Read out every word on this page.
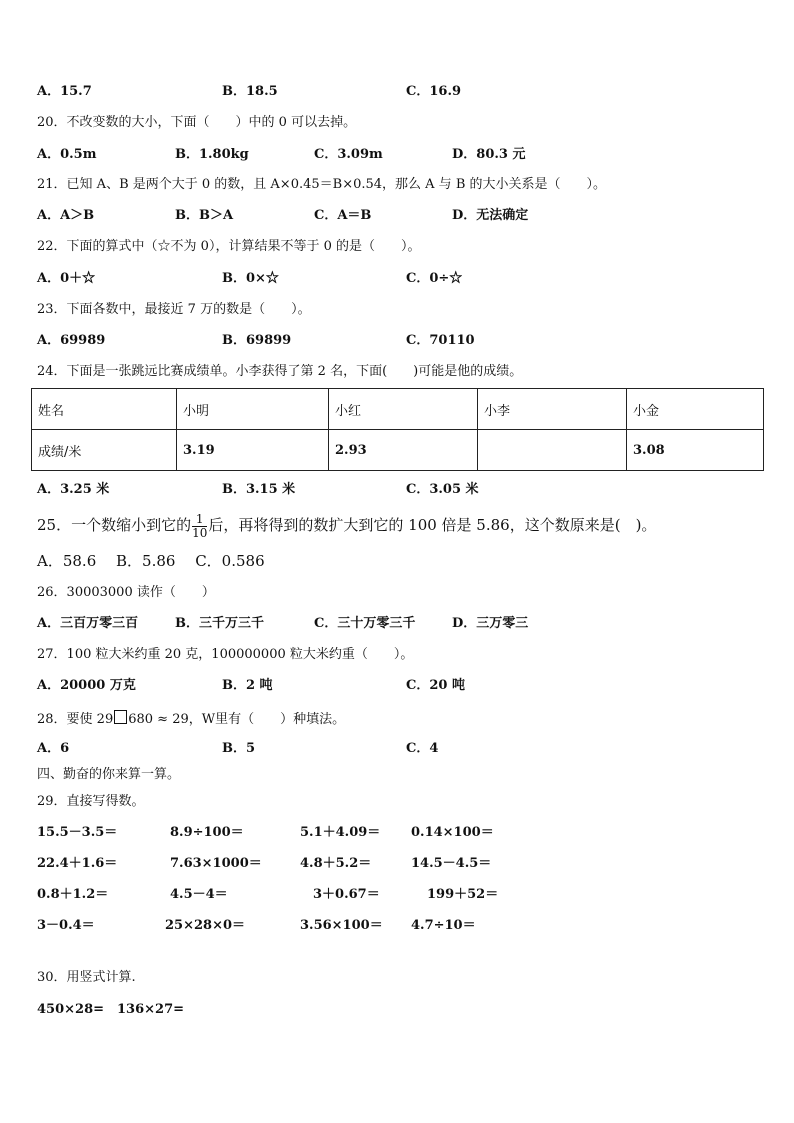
A．15.7	B．18.5	C．16.9
20．不改变数的大小，下面（　　）中的 0 可以去掉。
A．0.5m	B．1.80kg	C．3.09m	D．80.3 元
21．已知 A、B 是两个大于 0 的数，且 A×0.45＝B×0.54，那么 A 与 B 的大小关系是（　　）。
A．A＞B	B．B＞A	C．A＝B	D．无法确定
22．下面的算式中（☆不为 0），计算结果不等于 0 的是（　　）。
A．0＋☆	B．0×☆	C．0÷☆
23．下面各数中，最接近 7 万的数是（　　）。
A．69989	B．69899	C．70110
24．下面是一张跳远比赛成绩单。小李获得了第 2 名，下面(　　)可能是他的成绩。
姓名	小明	小红	小李	小金
成绩/米	3.19	2.93		3.08
A．3.25 米	B．3.15 米	C．3.05 米
25．一个数缩小到它的 $\frac{1}{10}$ 后，再将得到的数扩大到它的 100 倍是 5.86，这个数原来是(　)。
A．58.6　 B．5.86　 C．0.586
26．30003000 读作（　　）
A．三百万零三百	B．三千万三千	C．三十万零三千	D．三万零三
27．100 粒大米约重 20 克，100000000 粒大米约重（　　）。
A．20000 万克	B．2 吨	C．20 吨
28．要使 29 680 ≈ 29，W里有（　　）种填法。
A．6	B．5	C．4
四、勤奋的你来算一算。
29．直接写得数。
15.5－3.5＝	8.9÷100＝	5.1＋4.09＝ 0.14×100＝
22.4＋1.6＝	7.63×1000＝	4.8＋5.2＝	14.5－4.5＝
0.8＋1.2＝	4.5－4＝	3＋0.67＝	199＋52＝
3－0.4＝	25×28×0＝	3.56×100＝ 4.7÷10＝
30．用竖式计算.
450×28= 136×27=
